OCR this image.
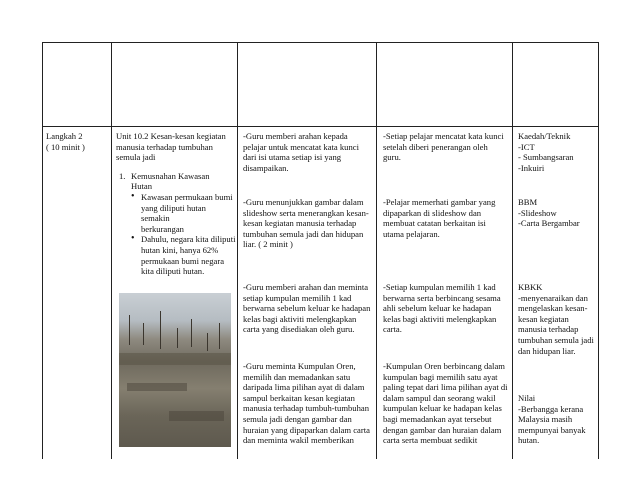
Langkah 2

( 10 minit )

Unit 10.2 Kesan-kesan kegiatan

manusia terhadap tumbuhan

semula jadi

1. Kemusnahan Kawasan
Hutan
• Kawasan permukaan bumi
yang diliputi hutan semakin
berkurangan
• Dahulu, negara kita diliputi
hutan kini, hanya 62%
permukaan bumi negara
kita diliputi hutan.

-Guru memberi arahan kepada

pelajar untuk mencatat kata kunci

dari isi utama setiap isi yang

disampaikan.

-Guru menunjukkan gambar dalam

slideshow serta menerangkan kesan-

kesan kegiatan manusia terhadap

tumbuhan semula jadi dan hidupan

liar. ( 2 minit )

-Guru memberi arahan dan meminta

setiap kumpulan memilih 1 kad

berwarna sebelum keluar ke hadapan

kelas bagi aktiviti melengkapkan

carta yang disediakan oleh guru.

-Guru meminta Kumpulan Oren,

memilih dan memadankan satu

daripada lima pilihan ayat di dalam

sampul berkaitan kesan kegiatan

manusia terhadap tumbuh-tumbuhan

semula jadi dengan gambar dan

huraian yang dipaparkan dalam carta

dan meminta wakil memberikan

-Setiap pelajar mencatat kata kunci

setelah diberi penerangan oleh

guru.

-Pelajar memerhati gambar yang

dipaparkan di slideshow dan

membuat catatan berkaitan isi

utama pelajaran.

-Setiap kumpulan memilih 1 kad

berwarna serta berbincang sesama

ahli sebelum keluar ke hadapan

kelas bagi aktiviti melengkapkan

carta.

-Kumpulan Oren berbincang dalam

kumpulan bagi memilih satu ayat

paling tepat dari lima pilihan ayat di

dalam sampul dan seorang wakil

kumpulan keluar ke hadapan kelas

bagi memadankan ayat tersebut

dengan gambar dan huraian dalam

carta serta membuat sedikit

Kaedah/Teknik

-ICT

- Sumbangsaran

-Inkuiri

BBM

-Slideshow

-Carta Bergambar

KBKK

-menyenaraikan dan

mengelaskan kesan-

kesan kegiatan

manusia terhadap

tumbuhan semula jadi

dan hidupan liar.

Nilai

-Berbangga kerana

Malaysia masih

mempunyai banyak

hutan.
